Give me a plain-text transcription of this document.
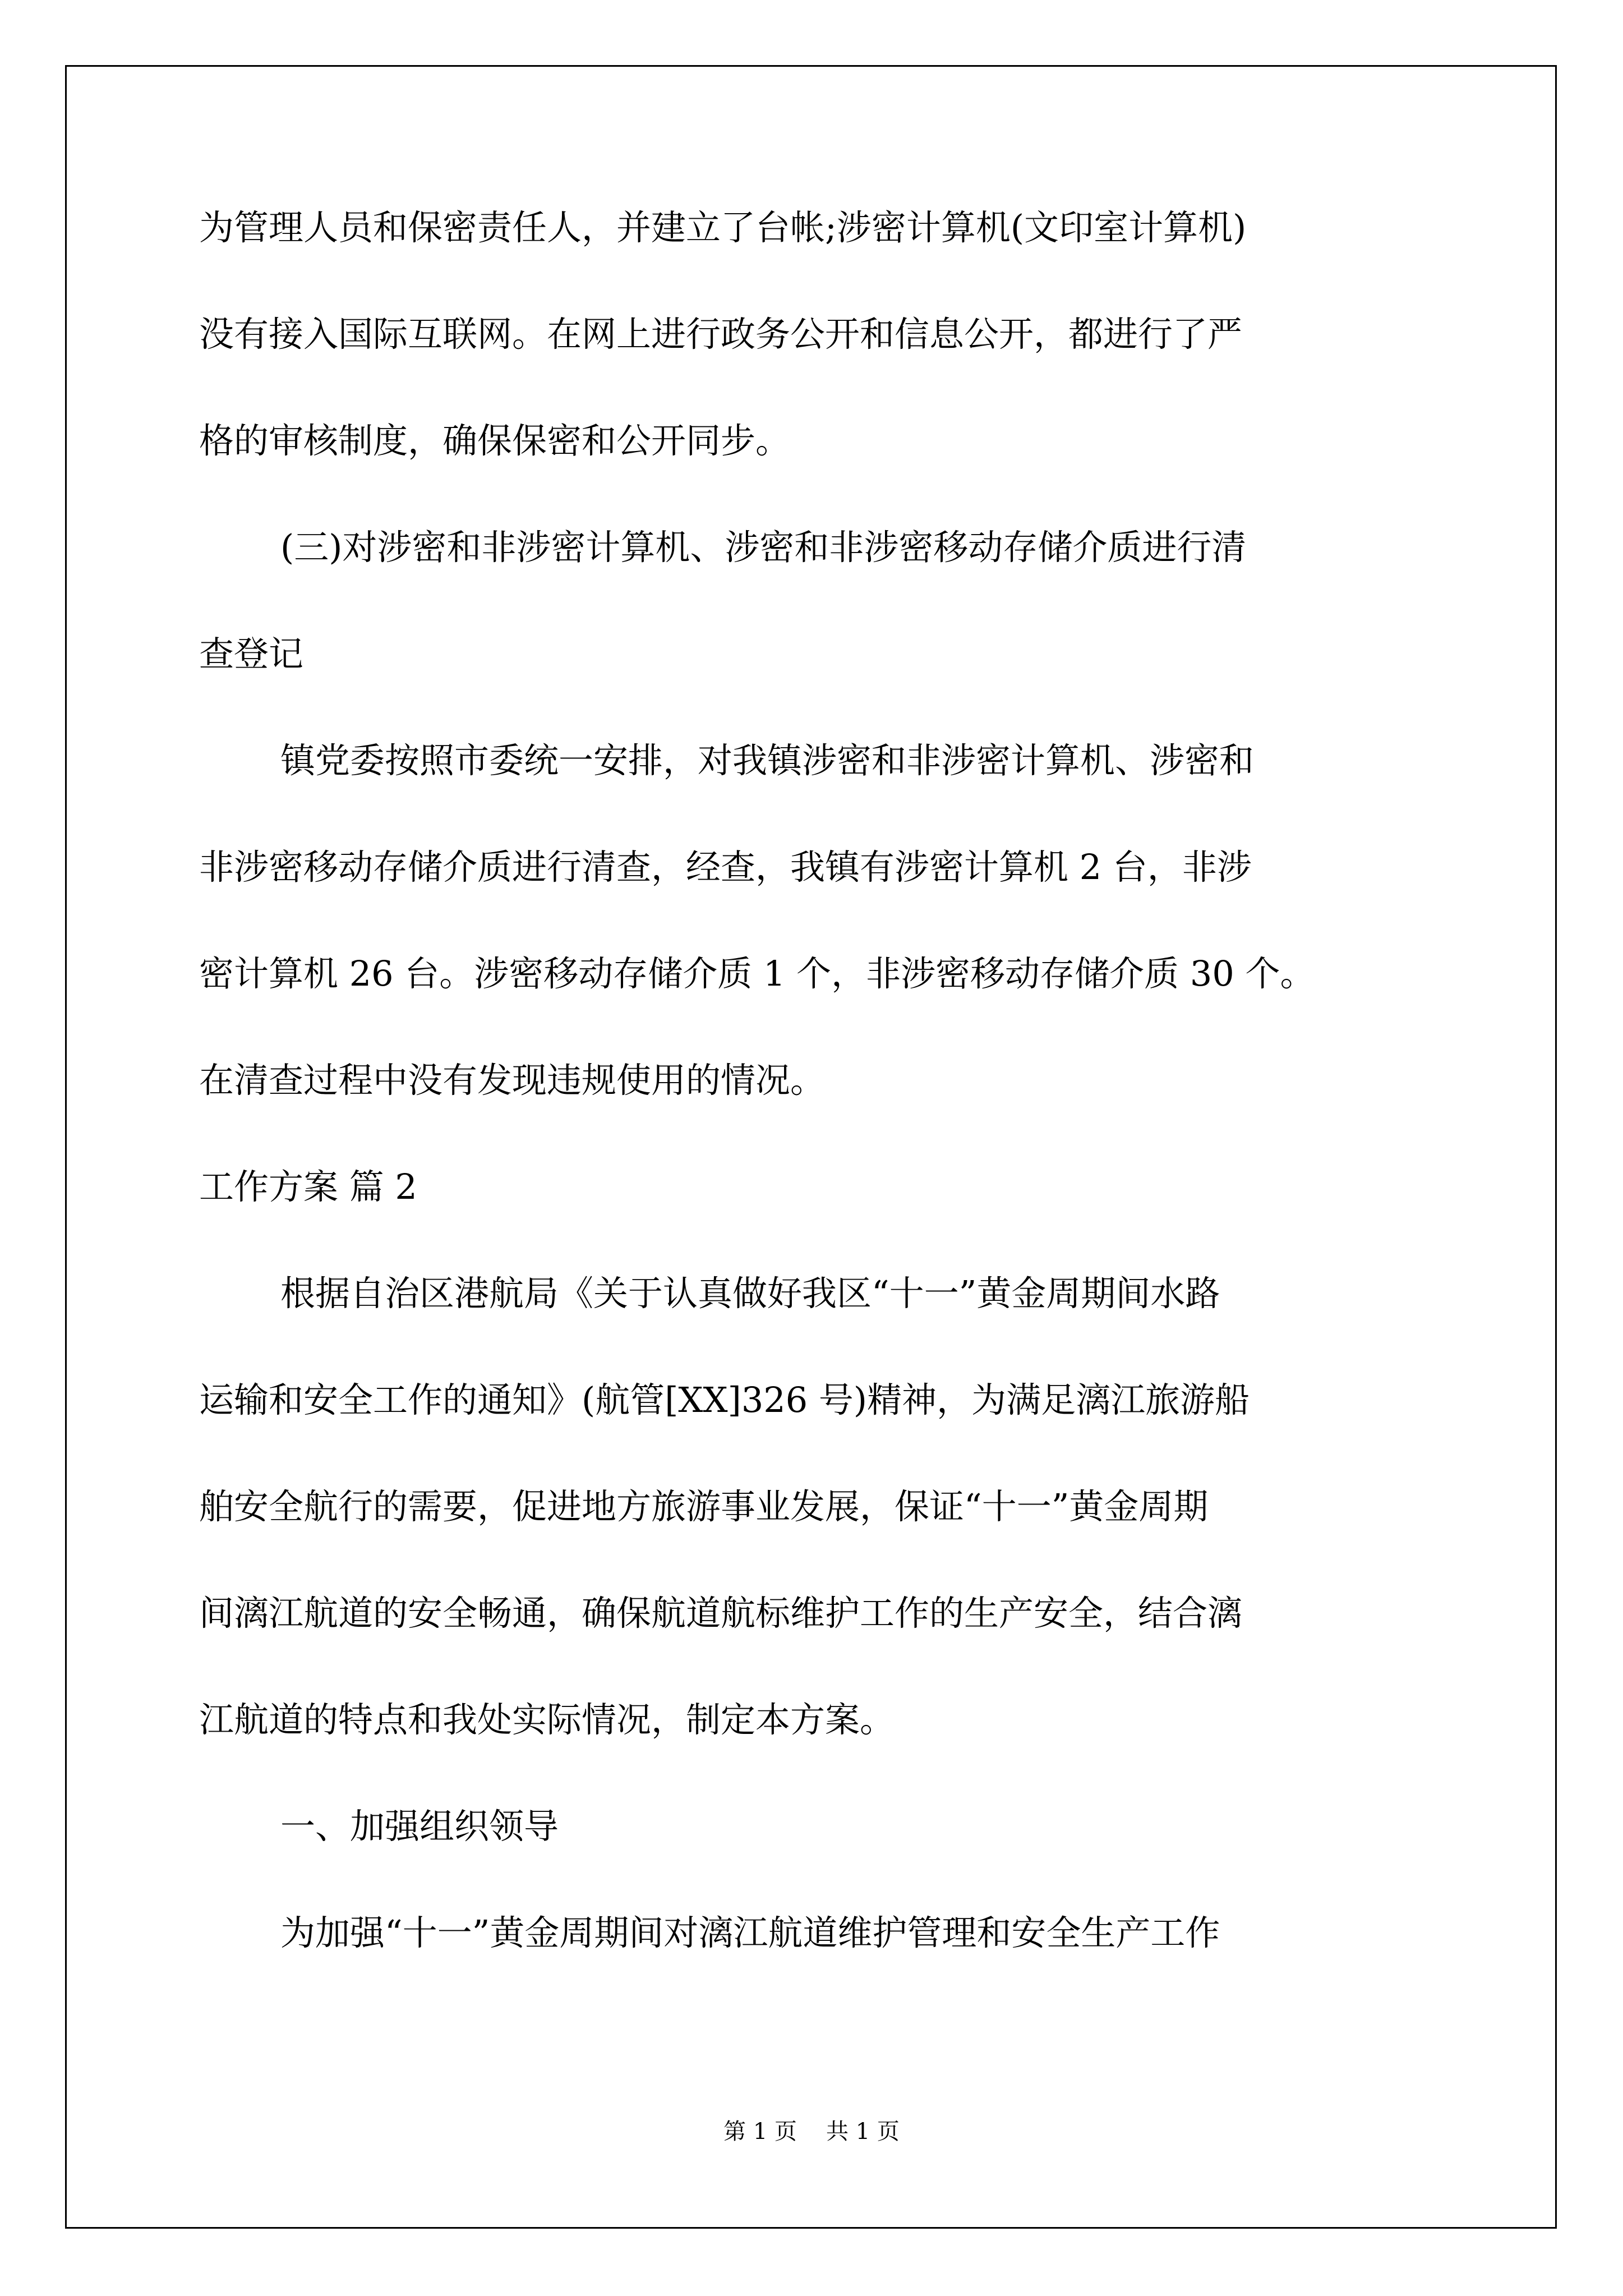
为管理人员和保密责任人，并建立了台帐;涉密计算机(文印室计算机)
没有接入国际互联网。在网上进行政务公开和信息公开，都进行了严
格的审核制度，确保保密和公开同步。
(三)对涉密和非涉密计算机、涉密和非涉密移动存储介质进行清
查登记
镇党委按照市委统一安排，对我镇涉密和非涉密计算机、涉密和
非涉密移动存储介质进行清查，经查，我镇有涉密计算机 2 台，非涉
密计算机 26 台。涉密移动存储介质 1 个，非涉密移动存储介质 30 个。
在清查过程中没有发现违规使用的情况。
工作方案 篇 2
根据自治区港航局《关于认真做好我区“十一”黄金周期间水路
运输和安全工作的通知》(航管[XX]326 号)精神，为满足漓江旅游船
舶安全航行的需要，促进地方旅游事业发展，保证“十一”黄金周期
间漓江航道的安全畅通，确保航道航标维护工作的生产安全，结合漓
江航道的特点和我处实际情况，制定本方案。
一、加强组织领导
为加强“十一”黄金周期间对漓江航道维护管理和安全生产工作
第 1 页 共 1 页
